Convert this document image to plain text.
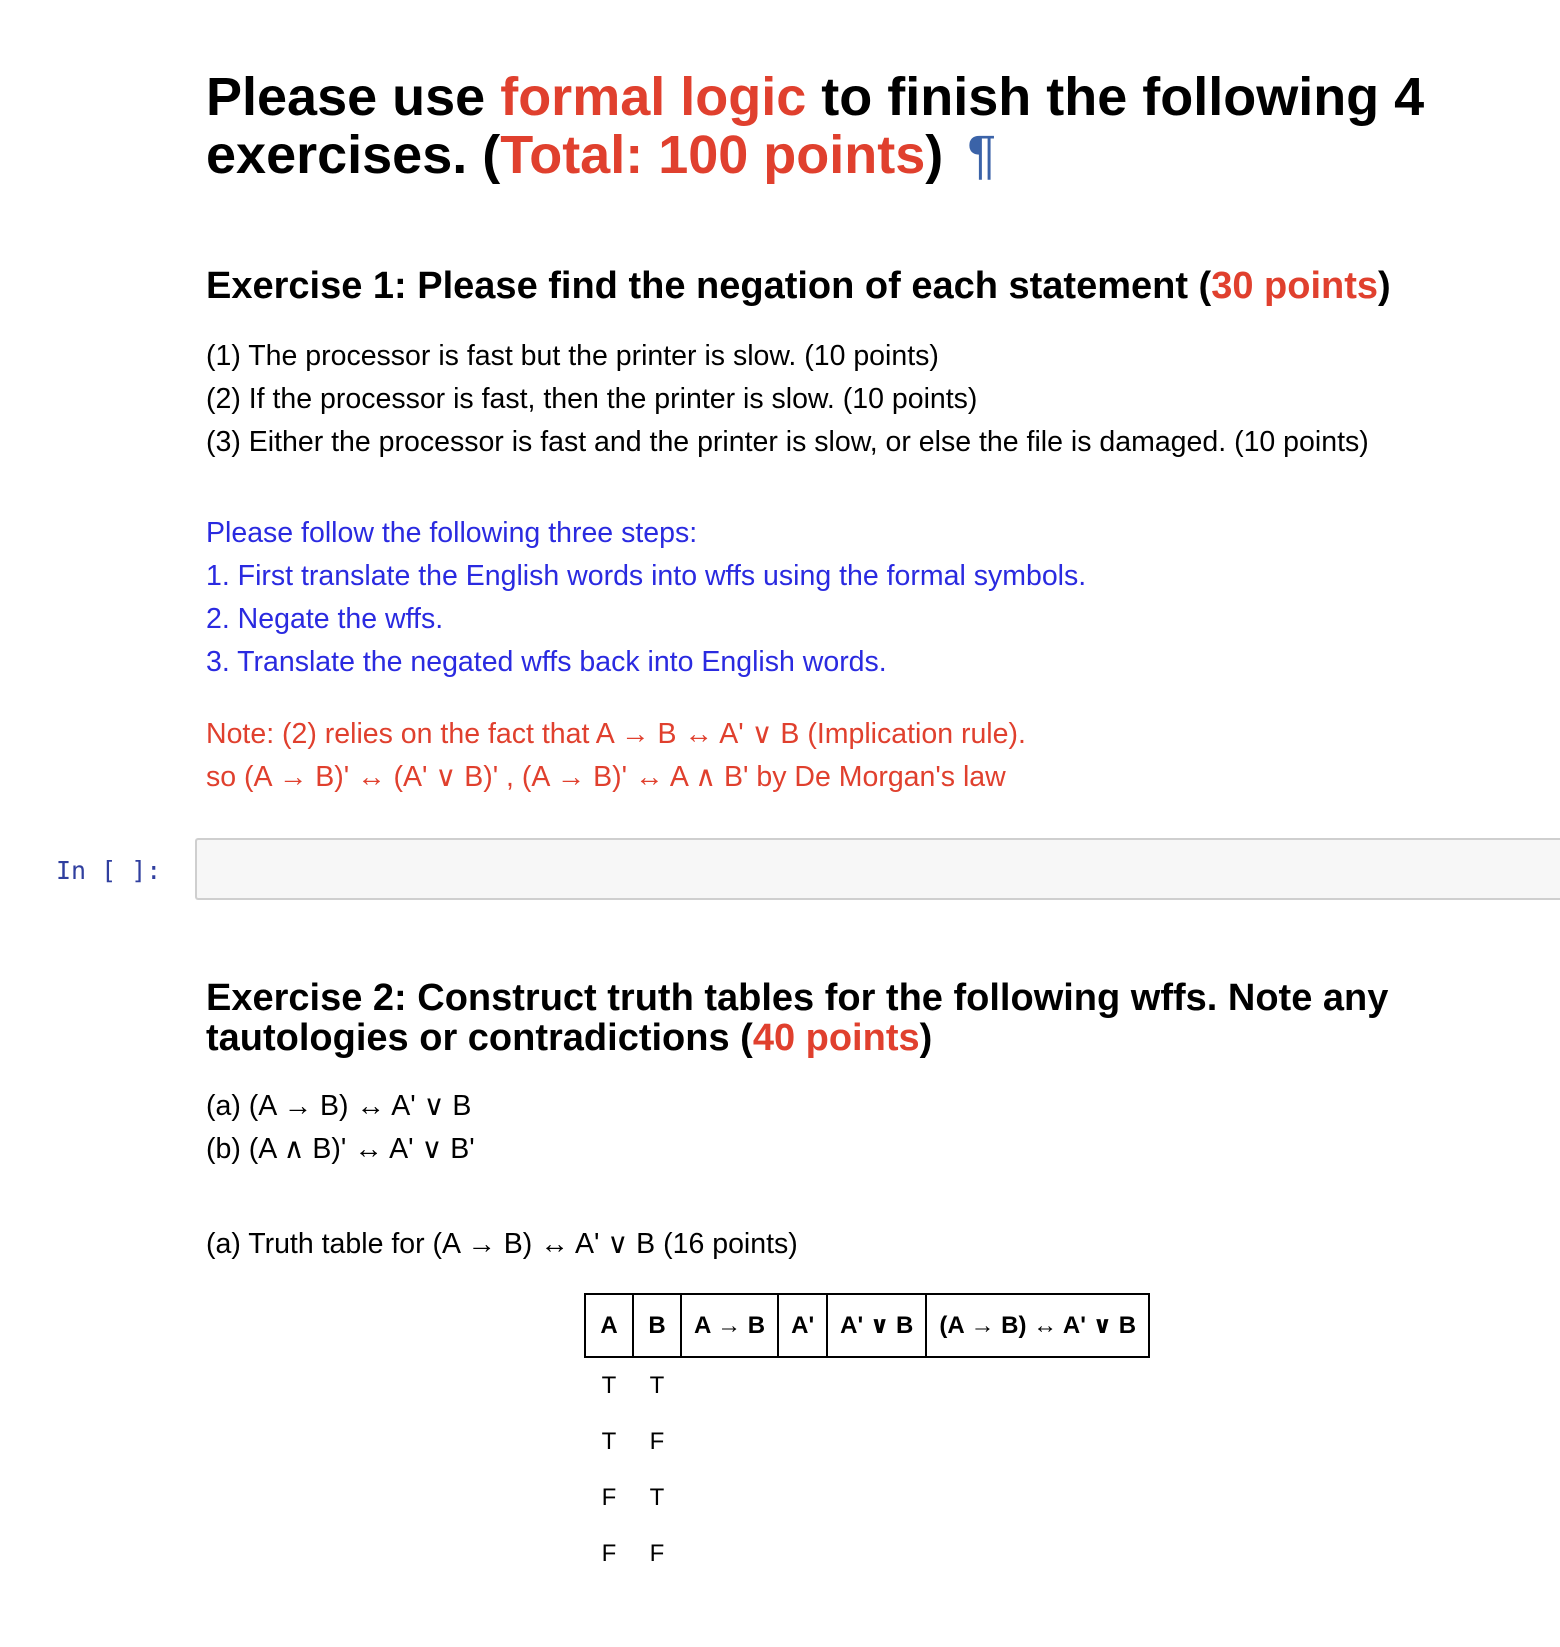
Please use formal logic to finish the following 4 exercises. (Total: 100 points) ¶
Exercise 1: Please find the negation of each statement (30 points)
(1) The processor is fast but the printer is slow. (10 points)
(2) If the processor is fast, then the printer is slow. (10 points)
(3) Either the processor is fast and the printer is slow, or else the file is damaged. (10 points)
Please follow the following three steps:
1. First translate the English words into wffs using the formal symbols.
2. Negate the wffs.
3. Translate the negated wffs back into English words.
Note: (2) relies on the fact that A → B ↔ A' ∨ B (Implication rule).
so (A → B)' ↔ (A' ∨ B)' , (A → B)' ↔ A ∧ B' by De Morgan's law
In [ ]:
Exercise 2: Construct truth tables for the following wffs. Note any tautologies or contradictions (40 points)
(a) (A → B) ↔ A' ∨ B
(b) (A ∧ B)' ↔ A' ∨ B'

(a) Truth table for (A → B) ↔ A' ∨ B (16 points)

A	B	A → B	A'	A' ∨ B	(A → B) ↔ A' ∨ B
T	T				
T	F				
F	T				
F	F				
